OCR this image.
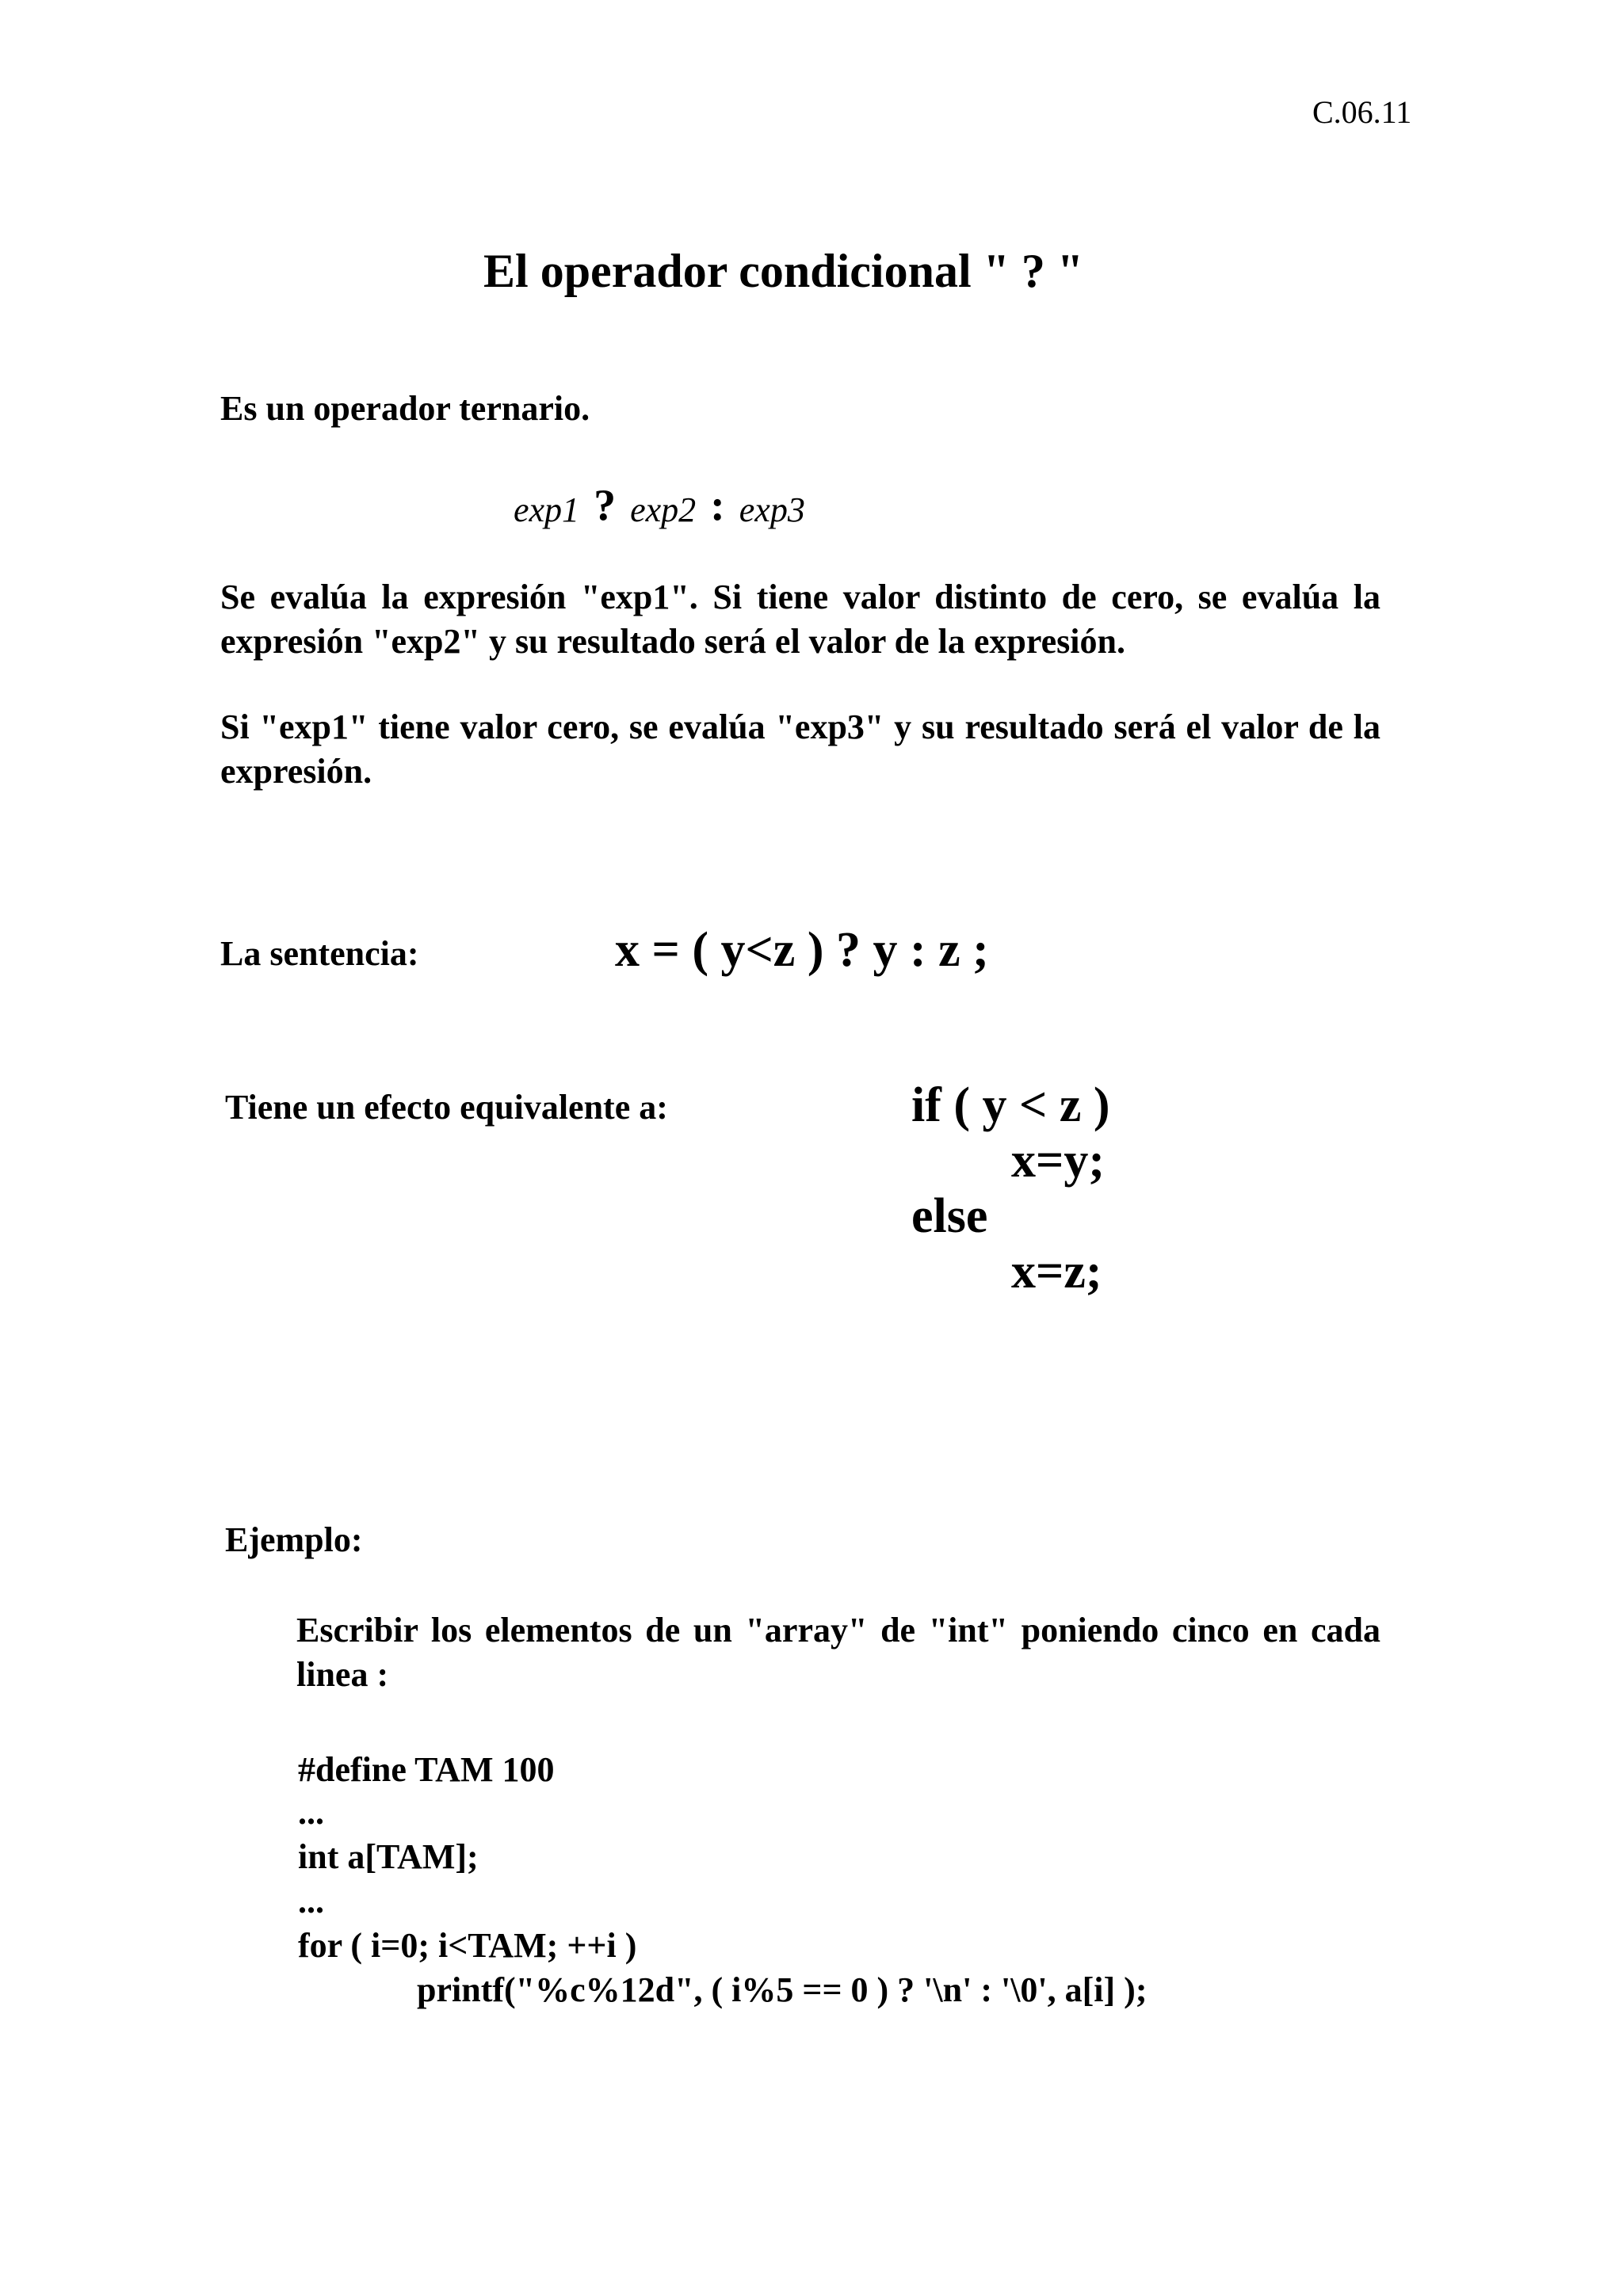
C.06.11
El operador condicional " ? "
Es un operador ternario.
exp1 ? exp2 : exp3
Se evalúa la expresión "exp1". Si tiene valor distinto de cero, se evalúa la expresión "exp2" y su resultado será el valor de la expresión.
Si "exp1" tiene valor cero, se evalúa "exp3" y su resultado será el valor de la expresión.
La sentencia:	x = ( y<z ) ? y : z ;
Tiene un efecto equivalente a:	if ( y < z )
x=y;
else
x=z;
Ejemplo:
Escribir los elementos de un "array" de "int" poniendo cinco en cada linea :
#define TAM 100
...
int a[TAM];
...
for ( i=0; i<TAM; ++i )
printf("%c%12d", ( i%5 == 0 ) ? '\n' : '\0', a[i] );
